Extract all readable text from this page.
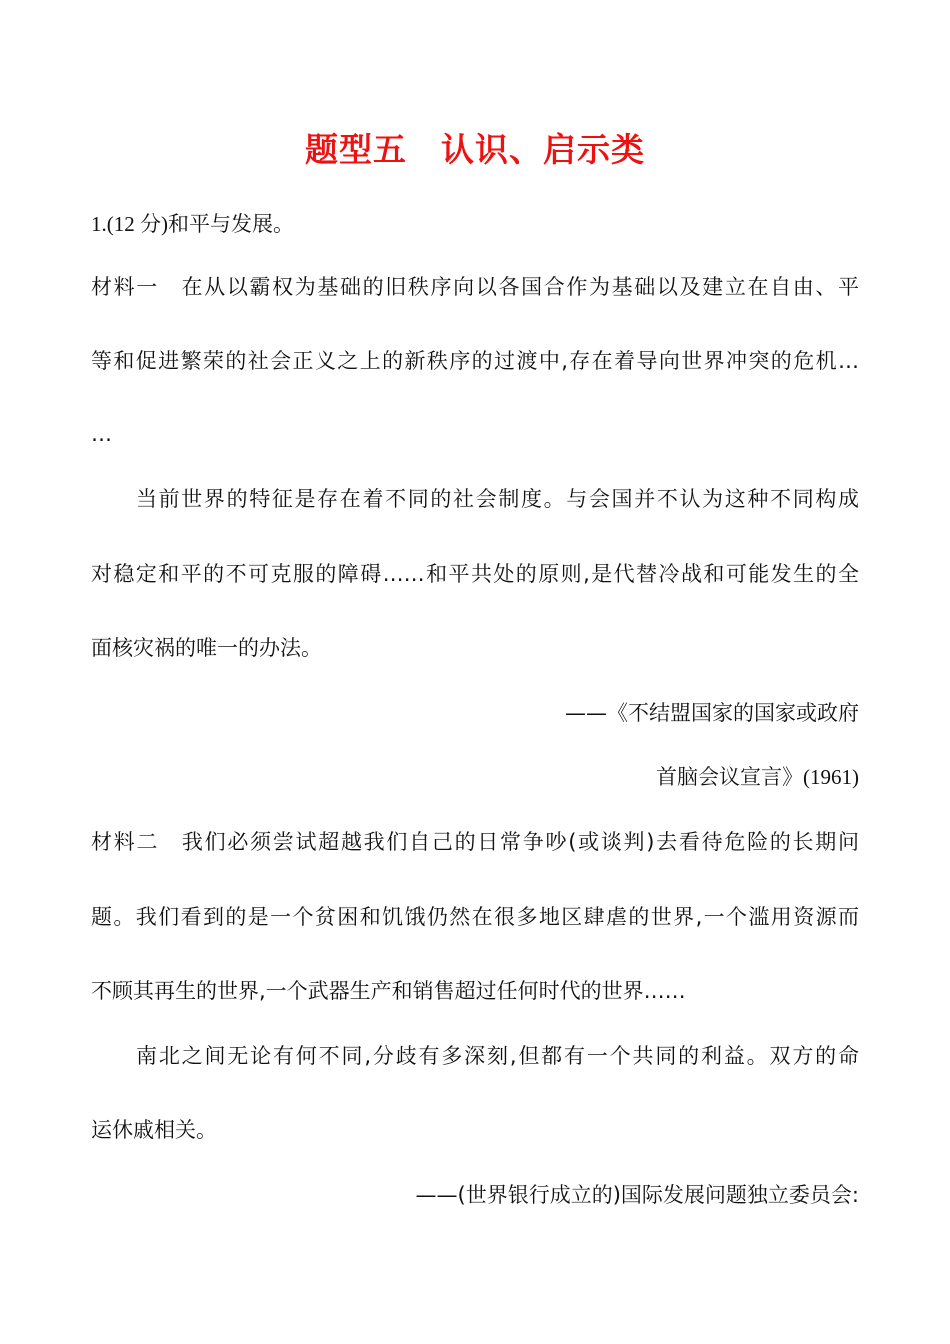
题型五　认识、启示类
1.(12 分)和平与发展。
材料一　在从以霸权为基础的旧秩序向以各国合作为基础以及建立在自由、平
等和促进繁荣的社会正义之上的新秩序的过渡中,存在着导向世界冲突的危机…
…
当前世界的特征是存在着不同的社会制度。与会国并不认为这种不同构成
对稳定和平的不可克服的障碍……和平共处的原则,是代替冷战和可能发生的全
面核灾祸的唯一的办法。
——《不结盟国家的国家或政府
首脑会议宣言》(1961)
材料二　我们必须尝试超越我们自己的日常争吵(或谈判)去看待危险的长期问
题。我们看到的是一个贫困和饥饿仍然在很多地区肆虐的世界,一个滥用资源而
不顾其再生的世界,一个武器生产和销售超过任何时代的世界……
南北之间无论有何不同,分歧有多深刻,但都有一个共同的利益。双方的命
运休戚相关。
——(世界银行成立的)国际发展问题独立委员会:
